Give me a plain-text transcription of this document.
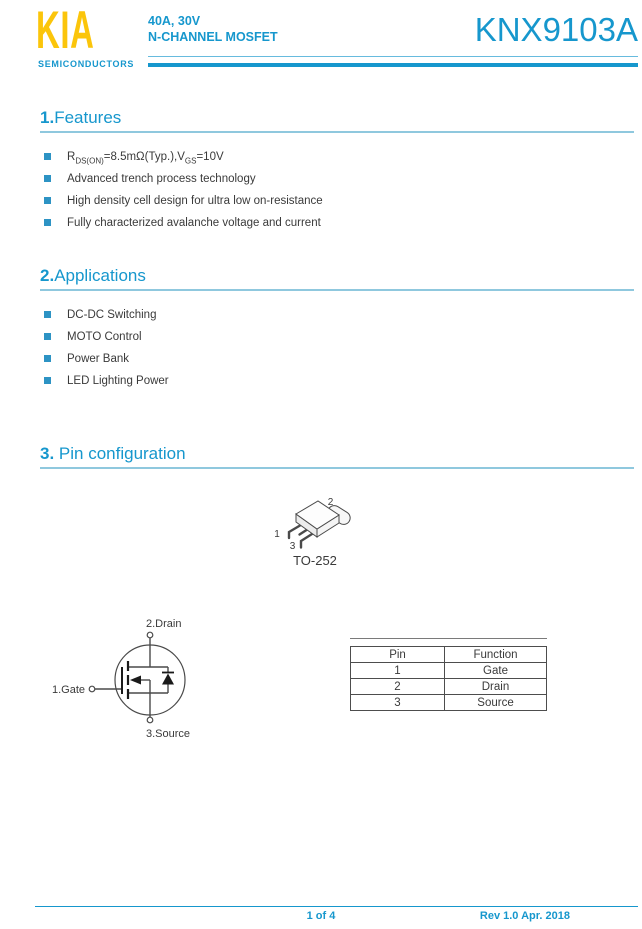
KIA
SEMICONDUCTORS
40A, 30V
N-CHANNEL MOSFET	KNX9103A
1.Features
$R_{DS(ON)}=8.5m\Omega(Typ.),V_{GS}=10V$
Advanced trench process technology
High density cell design for ultra low on-resistance
Fully characterized avalanche voltage and current
2.Applications
DC-DC Switching
MOTO Control
Power Bank
LED Lighting Power
3. Pin configuration
1
2
3
TO-252
2.Drain
1.Gate
3.Source
Pin	Function
1	Gate
2	Drain
3	Source
1 of 4	Rev 1.0 Apr. 2018
